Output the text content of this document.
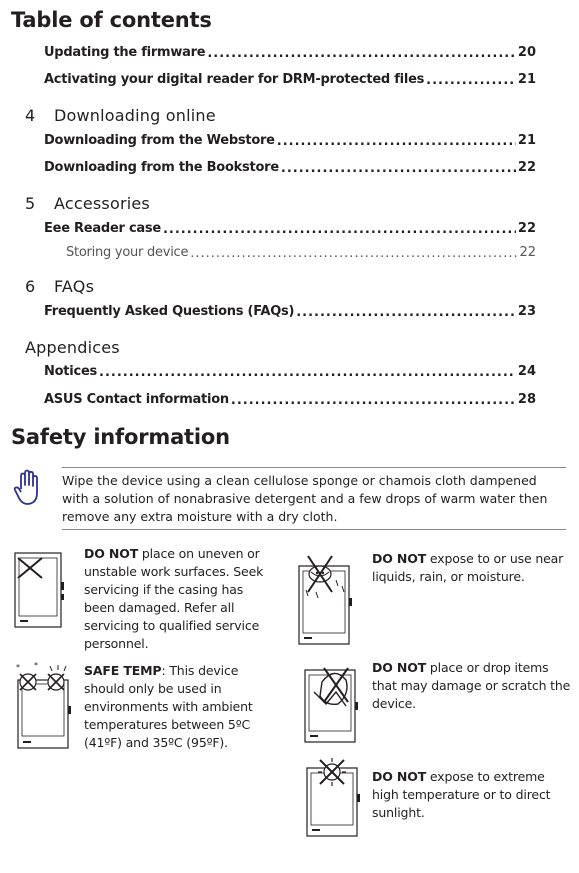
Table of contents
Updating the firmware .....	20
Activating your digital reader for DRM-protected files .....	21
4 Downloading online
Downloading from the Webstore .....	21
Downloading from the Bookstore .....	22
5 Accessories
Eee Reader case .....	22
Storing your device .....	22
6 FAQs
Frequently Asked Questions (FAQs) .....	23
Appendices
Notices .....	24
ASUS Contact information .....	28
Safety information
Wipe the device using a clean cellulose sponge or chamois cloth dampened with a solution of nonabrasive detergent and a few drops of warm water then remove any extra moisture with a dry cloth.
DO NOT place on uneven or unstable work surfaces. Seek servicing if the casing has been damaged. Refer all servicing to qualified service personnel.
DO NOT expose to or use near liquids, rain, or moisture.
* *	SAFE TEMP: This device should only be used in environments with ambient temperatures between 5ºC (41ºF) and 35ºC (95ºF).
DO NOT place or drop items that may damage or scratch the device.
DO NOT expose to extreme high temperature or to direct sunlight.
